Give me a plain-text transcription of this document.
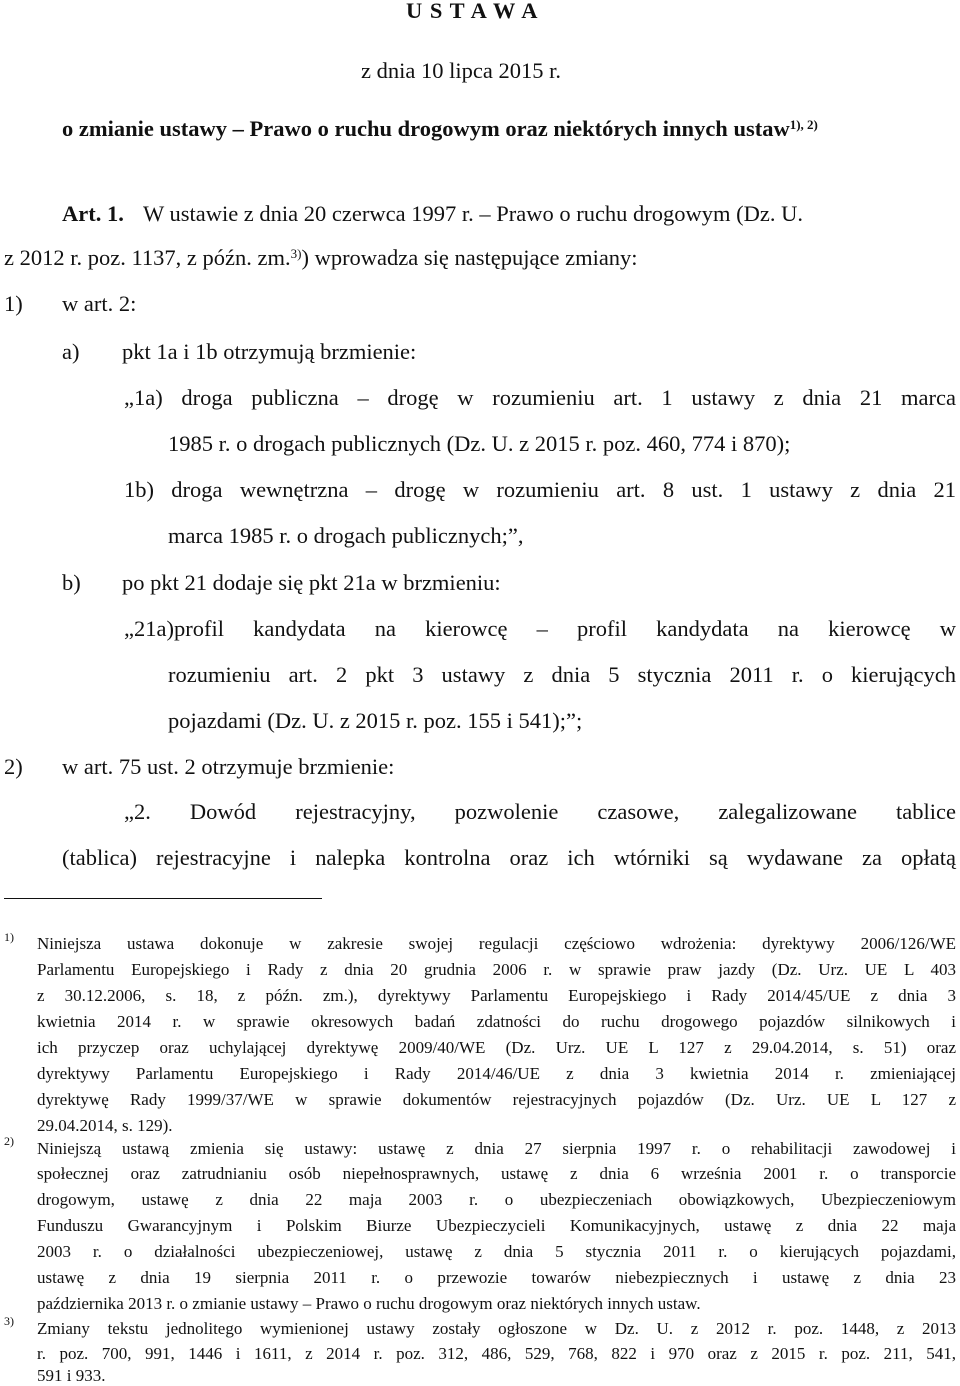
U S T A W A
z dnia 10 lipca 2015 r.
o zmianie ustawy – Prawo o ruchu drogowym oraz niektórych innych ustaw$^{1), 2)}$
Art. 1. W ustawie z dnia 20 czerwca 1997 r. – Prawo o ruchu drogowym (Dz. U.
z 2012 r. poz. 1137, z późn. zm.$^{3)}$) wprowadza się następujące zmiany:
1) w art. 2:
a) pkt 1a i 1b otrzymują brzmienie:
„1a) droga publiczna – drogę w rozumieniu art. 1 ustawy z dnia 21 marca
1985 r. o drogach publicznych (Dz. U. z 2015 r. poz. 460, 774 i 870);
1b) droga wewnętrzna – drogę w rozumieniu art. 8 ust. 1 ustawy z dnia 21
marca 1985 r. o drogach publicznych;”,
b) po pkt 21 dodaje się pkt 21a w brzmieniu:
„21a)profil kandydata na kierowcę – profil kandydata na kierowcę w
rozumieniu art. 2 pkt 3 ustawy z dnia 5 stycznia 2011 r. o kierujących
pojazdami (Dz. U. z 2015 r. poz. 155 i 541);”;
2) w art. 75 ust. 2 otrzymuje brzmienie:
„2. Dowód rejestracyjny, pozwolenie czasowe, zalegalizowane tablice
(tablica) rejestracyjne i nalepka kontrolna oraz ich wtórniki są wydawane za opłatą
1) Niniejsza ustawa dokonuje w zakresie swojej regulacji częściowo wdrożenia: dyrektywy 2006/126/WE
Parlamentu Europejskiego i Rady z dnia 20 grudnia 2006 r. w sprawie praw jazdy (Dz. Urz. UE L 403
z 30.12.2006, s. 18, z późn. zm.), dyrektywy Parlamentu Europejskiego i Rady 2014/45/UE z dnia 3
kwietnia 2014 r. w sprawie okresowych badań zdatności do ruchu drogowego pojazdów silnikowych i
ich przyczep oraz uchylającej dyrektywę 2009/40/WE (Dz. Urz. UE L 127 z 29.04.2014, s. 51) oraz
dyrektywy Parlamentu Europejskiego i Rady 2014/46/UE z dnia 3 kwietnia 2014 r. zmieniającej
dyrektywę Rady 1999/37/WE w sprawie dokumentów rejestracyjnych pojazdów (Dz. Urz. UE L 127 z
29.04.2014, s. 129).
2) Niniejszą ustawą zmienia się ustawy: ustawę z dnia 27 sierpnia 1997 r. o rehabilitacji zawodowej i
społecznej oraz zatrudnianiu osób niepełnosprawnych, ustawę z dnia 6 września 2001 r. o transporcie
drogowym, ustawę z dnia 22 maja 2003 r. o ubezpieczeniach obowiązkowych, Ubezpieczeniowym
Funduszu Gwarancyjnym i Polskim Biurze Ubezpieczycieli Komunikacyjnych, ustawę z dnia 22 maja
2003 r. o działalności ubezpieczeniowej, ustawę z dnia 5 stycznia 2011 r. o kierujących pojazdami,
ustawę z dnia 19 sierpnia 2011 r. o przewozie towarów niebezpiecznych i ustawę z dnia 23
października 2013 r. o zmianie ustawy – Prawo o ruchu drogowym oraz niektórych innych ustaw.
3) Zmiany tekstu jednolitego wymienionej ustawy zostały ogłoszone w Dz. U. z 2012 r. poz. 1448, z 2013
r. poz. 700, 991, 1446 i 1611, z 2014 r. poz. 312, 486, 529, 768, 822 i 970 oraz z 2015 r. poz. 211, 541,
591 i 933.
